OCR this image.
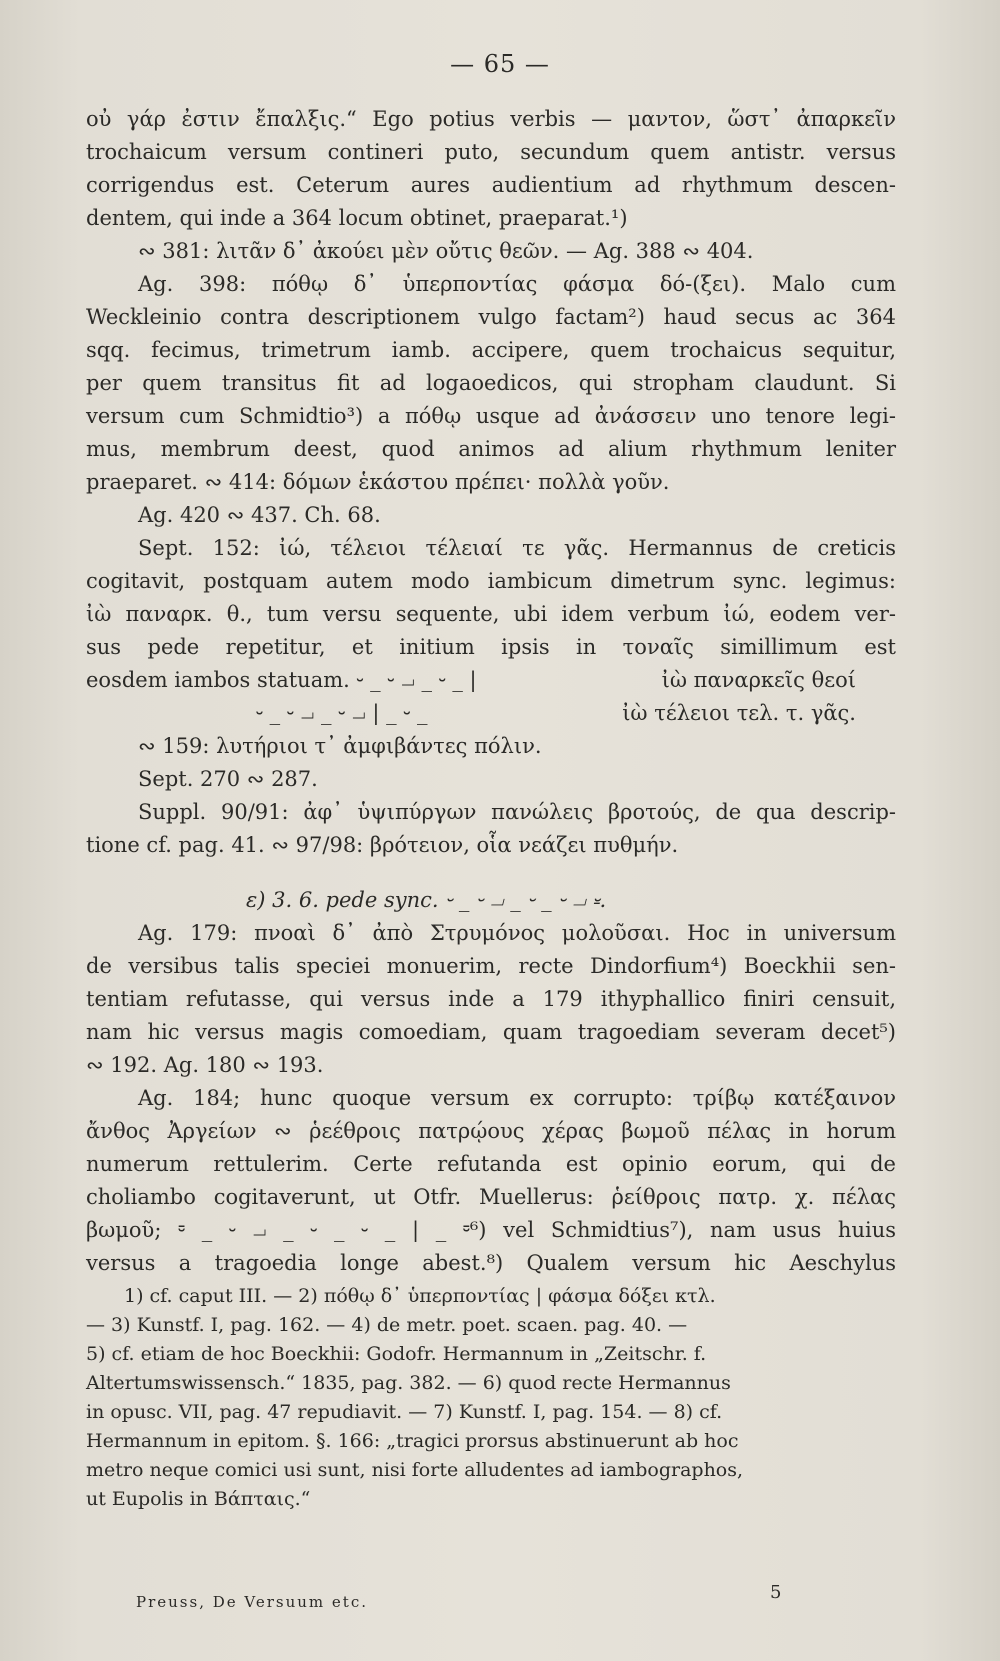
— 65 —
οὐ γάρ ἐστιν ἔπαλξις.“ Ego potius verbis — μαντον, ὥστ᾽ ἀπαρκεῖν
trochaicum versum contineri puto, secundum quem antistr. versus
corrigendus est. Ceterum aures audientium ad rhythmum descen-
dentem, qui inde a 364 locum obtinet, praeparat.¹)
∾ 381: λιτᾶν δ᾽ ἀκούει μὲν οὔτις θεῶν. — Ag. 388 ∾ 404.
Ag. 398: πόθῳ δ᾽ ὑπερποντίας φάσμα δό-(ξει). Malo cum
Weckleinio contra descriptionem vulgo factam²) haud secus ac 364
sqq. fecimus, trimetrum iamb. accipere, quem trochaicus sequitur,
per quem transitus fit ad logaoedicos, qui stropham claudunt. Si
versum cum Schmidtio³) a πόθῳ usque ad ἀνάσσειν uno tenore legi-
mus, membrum deest, quod animos ad alium rhythmum leniter
praeparet. ∾ 414: δόμων ἑκάστου πρέπει· πολλὰ γοῦν.
Ag. 420 ∾ 437. Ch. 68.
Sept. 152: ἰώ, τέλειοι τέλειαί τε γᾶς. Hermannus de creticis
cogitavit, postquam autem modo iambicum dimetrum sync. legimus:
ἰὼ παναρκ. θ., tum versu sequente, ubi idem verbum ἰώ, eodem ver-
sus pede repetitur, et initium ipsis in τοναῖς simillimum est
eosdem iambos statuam. ⏑ _ ⏑ ⏗ _ ⏑ _ |	ἰὼ παναρκεῖς θεοί
⏑ _ ⏑ ⏗ _ ⏑ ⏗ | _ ⏑ _	ἰὼ τέλειοι τελ. τ. γᾶς.
∾ 159: λυτήριοι τ᾽ ἀμφιβάντες πόλιν.
Sept. 270 ∾ 287.
Suppl. 90/91: ἀφ᾽ ὑψιπύργων πανώλεις βροτούς, de qua descrip-
tione cf. pag. 41. ∾ 97/98: βρότειον, οἷα νεάζει πυθμήν.
ε) 3. 6. pede sync. ⏑ _ ⏑ ⏗ _ ⏑ _ ⏑ ⏗ ⏓.
Ag. 179: πνοαὶ δ᾽ ἀπὸ Στρυμόνος μολοῦσαι. Hoc in universum
de versibus talis speciei monuerim, recte Dindorfium⁴) Boeckhii sen-
tentiam refutasse, qui versus inde a 179 ithyphallico finiri censuit,
nam hic versus magis comoediam, quam tragoediam severam decet⁵)
∾ 192. Ag. 180 ∾ 193.
Ag. 184; hunc quoque versum ex corrupto: τρίβῳ κατέξαινον
ἄνθος Ἀργείων ∾ ῥεέθροις πατρῴους χέρας βωμοῦ πέλας in horum
numerum rettulerim. Certe refutanda est opinio eorum, qui de
choliambo cogitaverunt, ut Otfr. Muellerus: ῥείθροις πατρ. χ. πέλας
βωμοῦ; ⏒ _ ⏑ ⏗ _ ⏑ _ ⏑ _ | _ ⏒⁶) vel Schmidtius⁷), nam usus huius
versus a tragoedia longe abest.⁸) Qualem versum hic Aeschylus
1) cf. caput III. — 2) πόθῳ δ᾽ ὑπερποντίας | φάσμα δόξει κτλ.
— 3) Kunstf. I, pag. 162. — 4) de metr. poet. scaen. pag. 40. —
5) cf. etiam de hoc Boeckhii: Godofr. Hermannum in „Zeitschr. f.
Altertumswissensch.“ 1835, pag. 382. — 6) quod recte Hermannus
in opusc. VII, pag. 47 repudiavit. — 7) Kunstf. I, pag. 154. — 8) cf.
Hermannum in epitom. §. 166: „tragici prorsus abstinuerunt ab hoc
metro neque comici usi sunt, nisi forte alludentes ad iambographos,
ut Eupolis in Βάπταις.“
Preuss, De Versuum etc.	5
